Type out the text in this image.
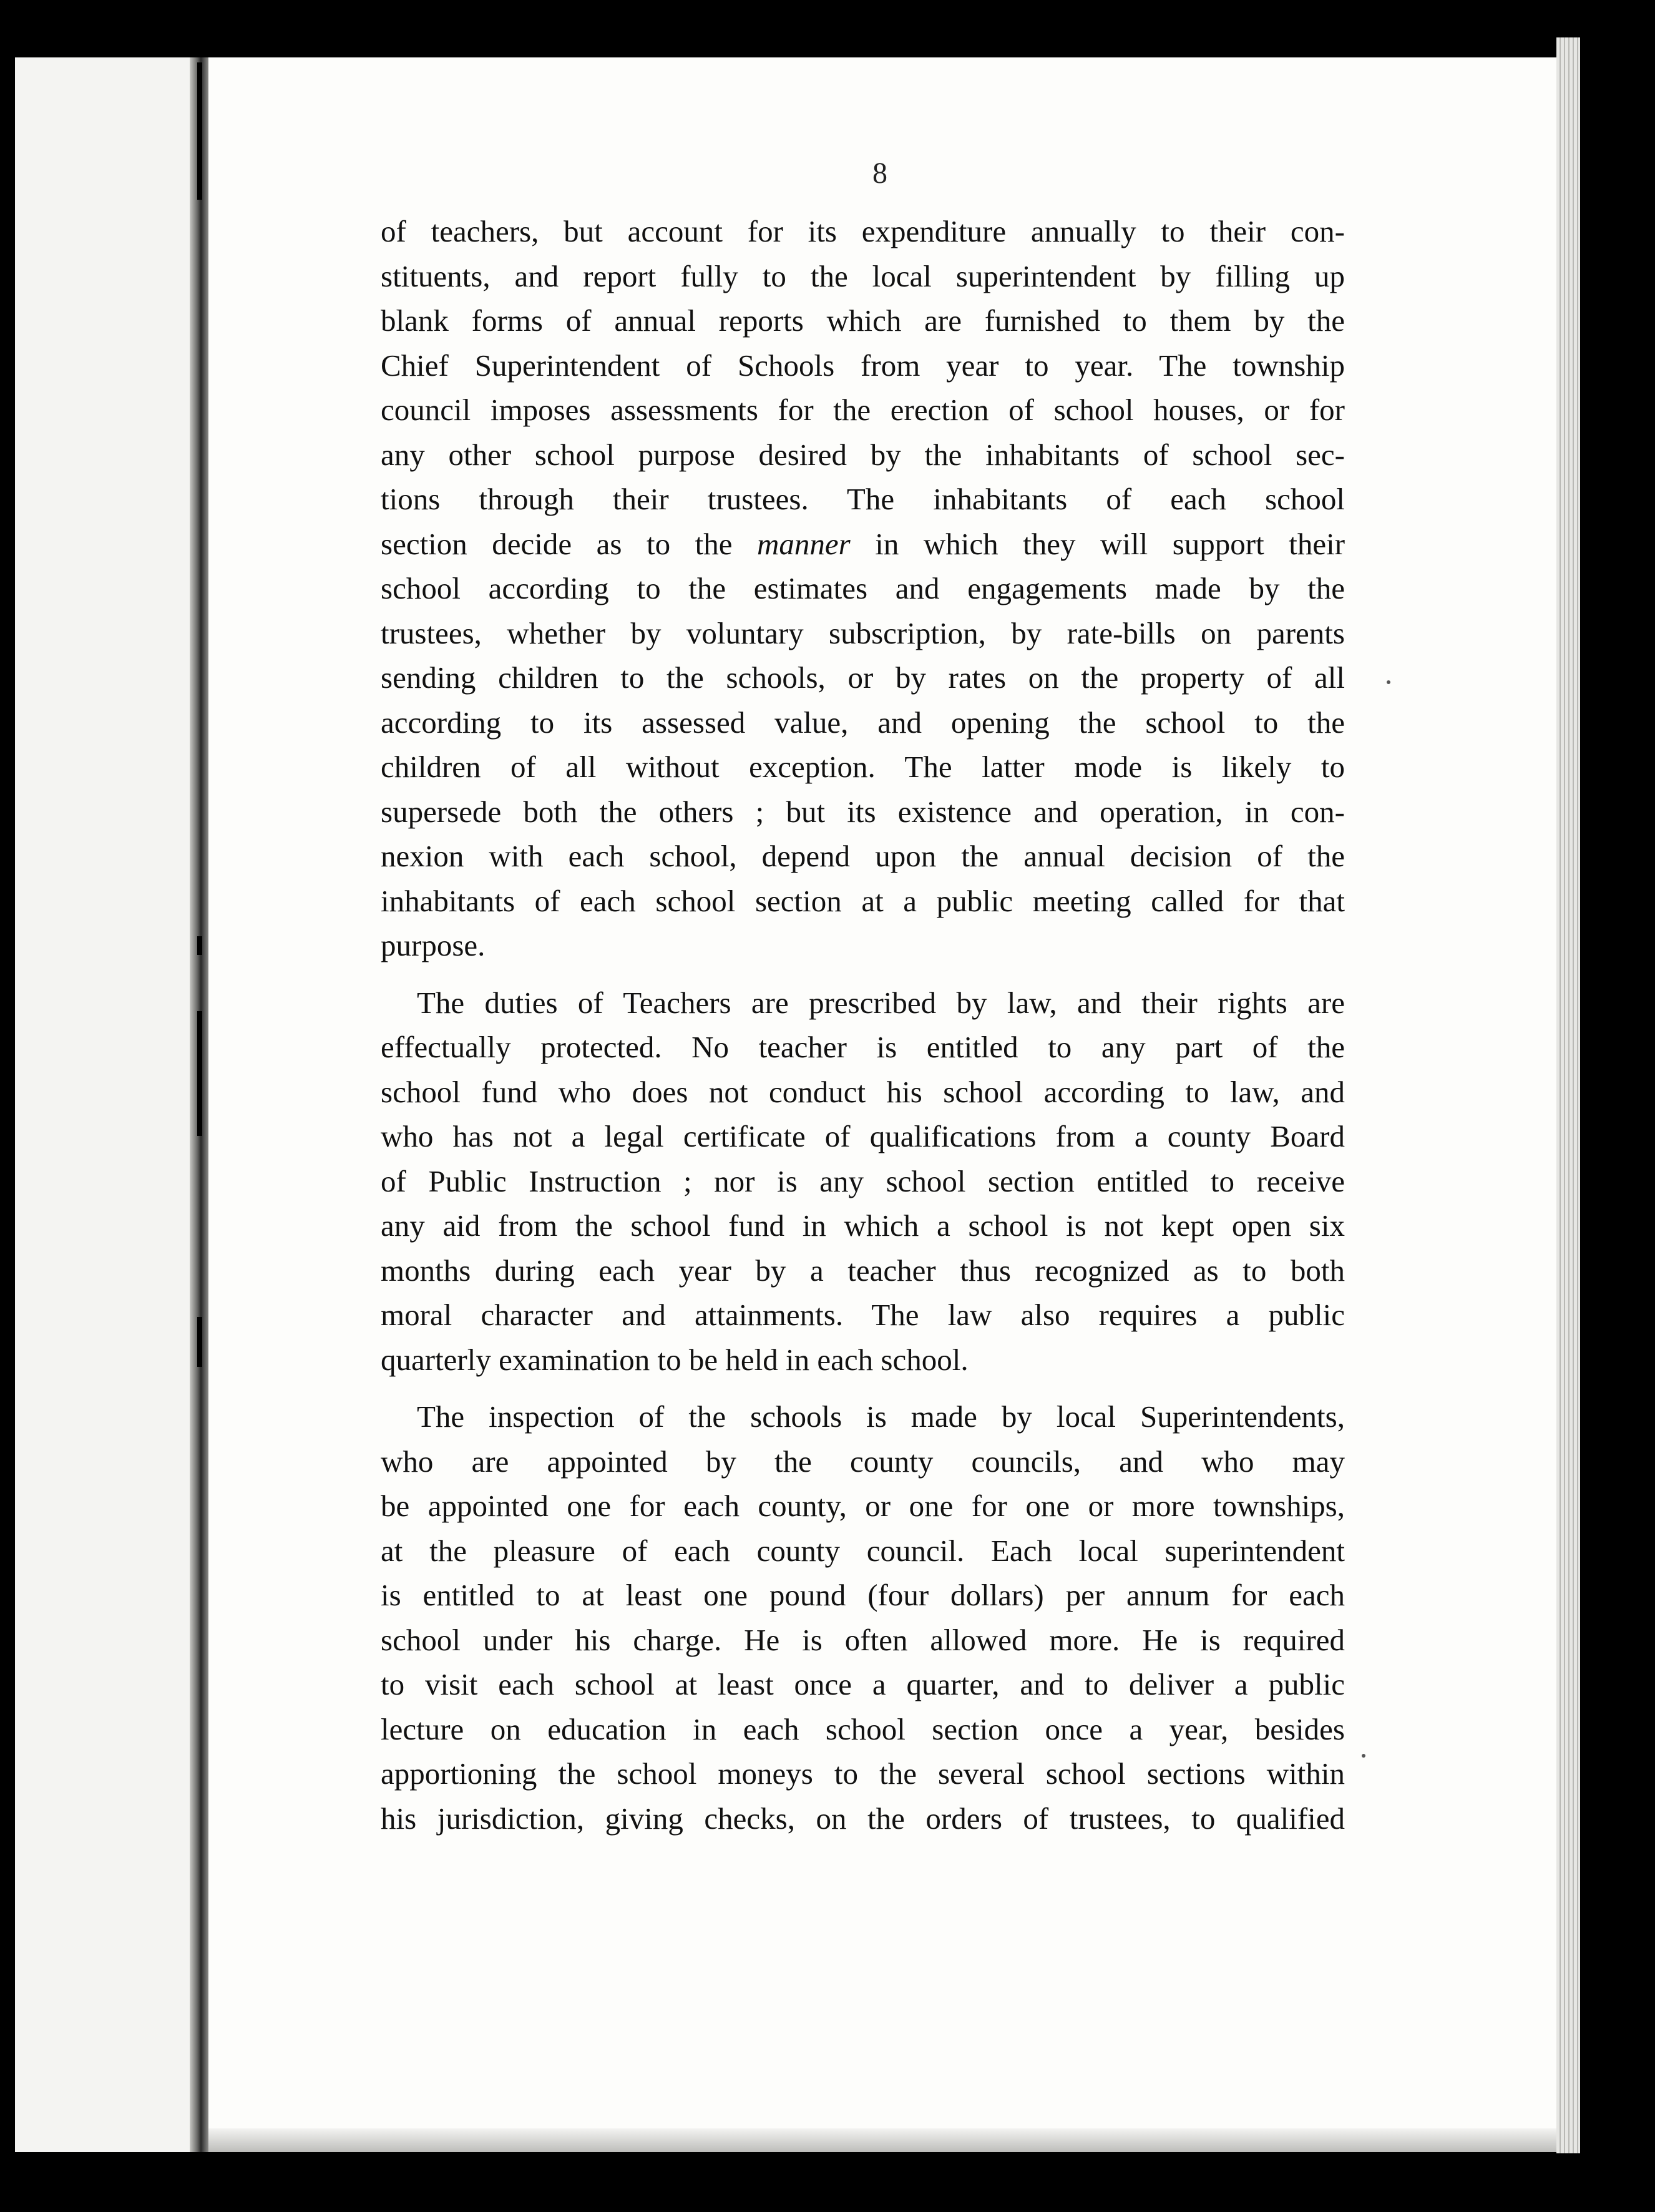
8

of teachers, but account for its expenditure annually to their con-
stituents, and report fully to the local superintendent by filling up
blank forms of annual reports which are furnished to them by the
Chief Superintendent of Schools from year to year. The township
council imposes assessments for the erection of school houses, or for
any other school purpose desired by the inhabitants of school sec-
tions through their trustees. The inhabitants of each school
section decide as to the manner in which they will support their
school according to the estimates and engagements made by the
trustees, whether by voluntary subscription, by rate-bills on parents
sending children to the schools, or by rates on the property of all
according to its assessed value, and opening the school to the
children of all without exception. The latter mode is likely to
supersede both the others ; but its existence and operation, in con-
nexion with each school, depend upon the annual decision of the
inhabitants of each school section at a public meeting called for that
purpose.

The duties of Teachers are prescribed by law, and their rights are
effectually protected. No teacher is entitled to any part of the
school fund who does not conduct his school according to law, and
who has not a legal certificate of qualifications from a county Board
of Public Instruction ; nor is any school section entitled to receive
any aid from the school fund in which a school is not kept open six
months during each year by a teacher thus recognized as to both
moral character and attainments. The law also requires a public
quarterly examination to be held in each school.

The inspection of the schools is made by local Superintendents,
who are appointed by the county councils, and who may
be appointed one for each county, or one for one or more townships,
at the pleasure of each county council. Each local superintendent
is entitled to at least one pound (four dollars) per annum for each
school under his charge. He is often allowed more. He is required
to visit each school at least once a quarter, and to deliver a public
lecture on education in each school section once a year, besides
apportioning the school moneys to the several school sections within
his jurisdiction, giving checks, on the orders of trustees, to qualified
